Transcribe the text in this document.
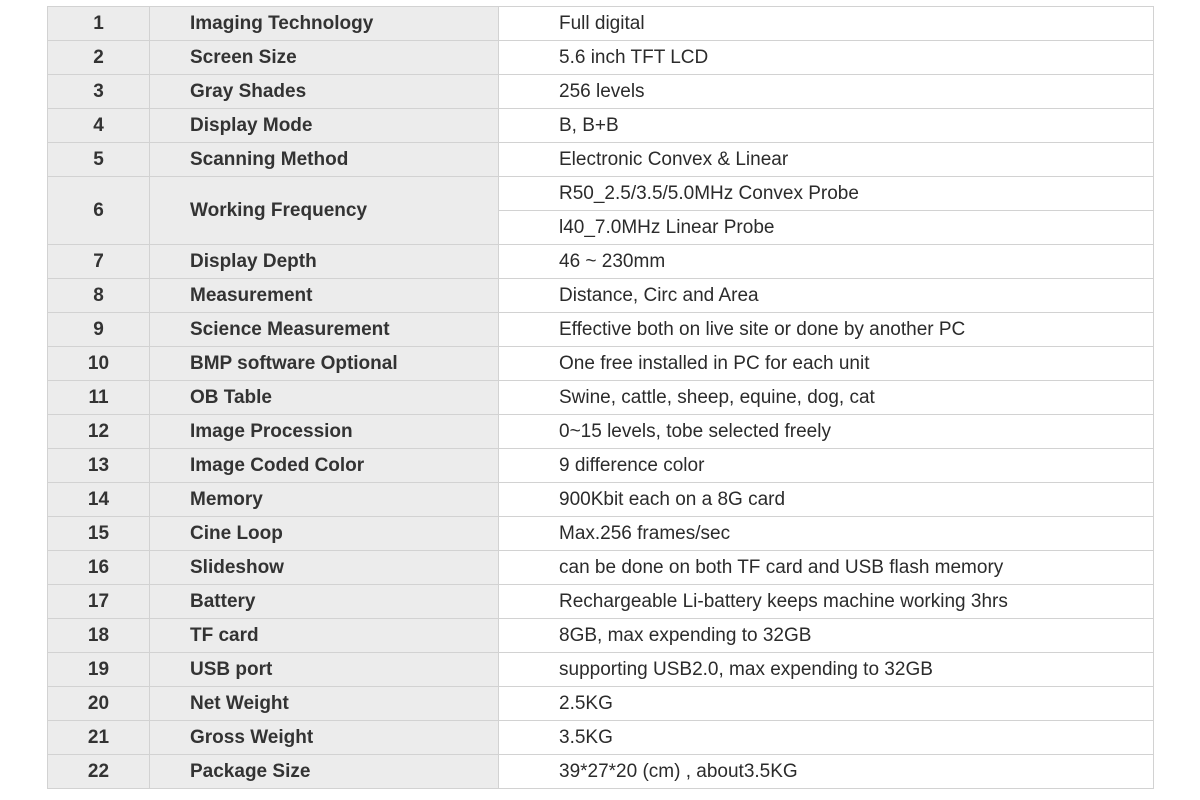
1	Imaging Technology	Full digital
2	Screen Size	5.6 inch TFT LCD
3	Gray Shades	256 levels
4	Display Mode	B, B+B
5	Scanning Method	Electronic Convex & Linear
6	Working Frequency	R50_2.5/3.5/5.0MHz Convex Probe
		l40_7.0MHz Linear Probe
7	Display Depth	46 ~ 230mm
8	Measurement	Distance, Circ and Area
9	Science Measurement	Effective both on live site or done by another PC
10	BMP software Optional	One free installed in PC for each unit
11	OB Table	Swine, cattle, sheep, equine, dog, cat
12	Image Procession	0~15 levels, tobe selected freely
13	Image Coded Color	9 difference color
14	Memory	900Kbit each on a 8G card
15	Cine Loop	Max.256 frames/sec
16	Slideshow	can be done on both TF card and USB flash memory
17	Battery	Rechargeable Li-battery keeps machine working 3hrs
18	TF card	8GB, max expending to 32GB
19	USB port	supporting USB2.0, max expending to 32GB
20	Net Weight	2.5KG
21	Gross Weight	3.5KG
22	Package Size	39*27*20 (cm) , about3.5KG
